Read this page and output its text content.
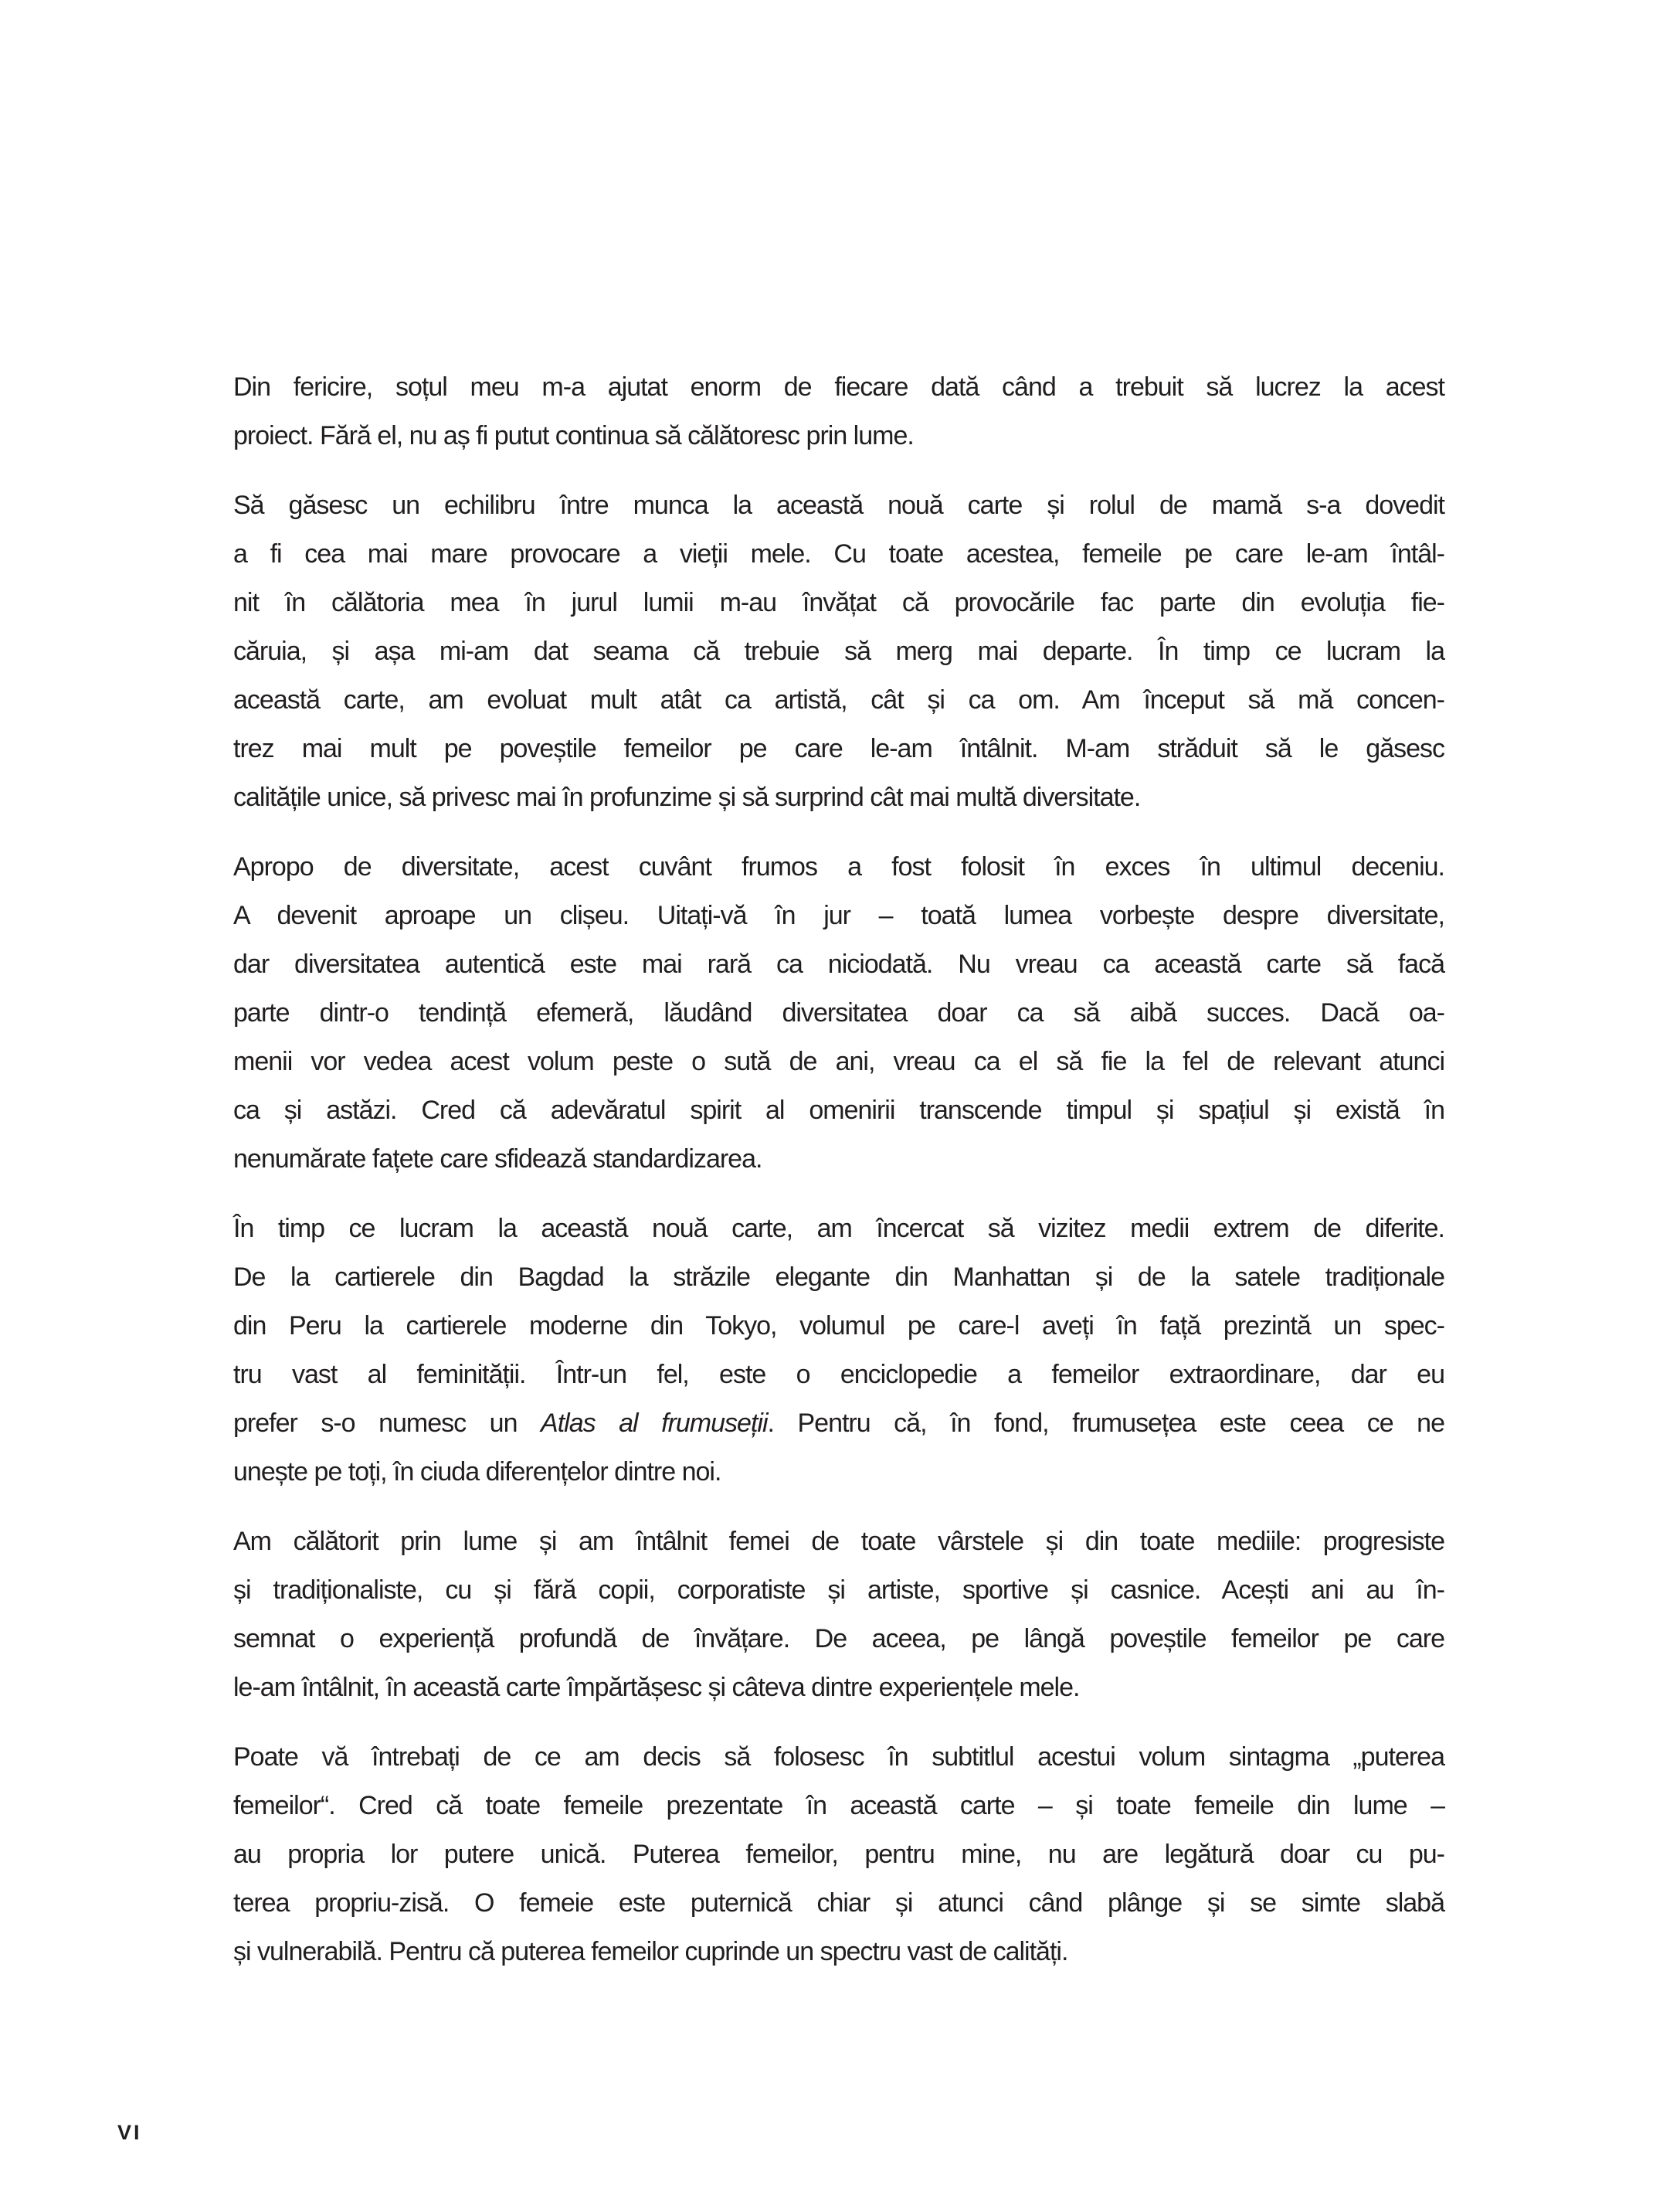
Din fericire, soțul meu m-a ajutat enorm de fiecare dată când a trebuit să lucrez la acest
proiect. Fără el, nu aș fi putut continua să călătoresc prin lume.
Să găsesc un echilibru între munca la această nouă carte și rolul de mamă s-a dovedit
a fi cea mai mare provocare a vieții mele. Cu toate acestea, femeile pe care le-am întâl-
nit în călătoria mea în jurul lumii m-au învățat că provocările fac parte din evoluția fie-
căruia, și așa mi-am dat seama că trebuie să merg mai departe. În timp ce lucram la
această carte, am evoluat mult atât ca artistă, cât și ca om. Am început să mă concen-
trez mai mult pe poveștile femeilor pe care le-am întâlnit. M-am străduit să le găsesc
calitățile unice, să privesc mai în profunzime și să surprind cât mai multă diversitate.
Apropo de diversitate, acest cuvânt frumos a fost folosit în exces în ultimul deceniu.
A devenit aproape un clișeu. Uitați-vă în jur – toată lumea vorbește despre diversitate,
dar diversitatea autentică este mai rară ca niciodată. Nu vreau ca această carte să facă
parte dintr-o tendință efemeră, lăudând diversitatea doar ca să aibă succes. Dacă oa-
menii vor vedea acest volum peste o sută de ani, vreau ca el să fie la fel de relevant atunci
ca și astăzi. Cred că adevăratul spirit al omenirii transcende timpul și spațiul și există în
nenumărate fațete care sfidează standardizarea.
În timp ce lucram la această nouă carte, am încercat să vizitez medii extrem de diferite.
De la cartierele din Bagdad la străzile elegante din Manhattan și de la satele tradiționale
din Peru la cartierele moderne din Tokyo, volumul pe care-l aveți în față prezintă un spec-
tru vast al feminității. Într-un fel, este o enciclopedie a femeilor extraordinare, dar eu
prefer s-o numesc un Atlas al frumuseții. Pentru că, în fond, frumusețea este ceea ce ne
unește pe toți, în ciuda diferențelor dintre noi.
Am călătorit prin lume și am întâlnit femei de toate vârstele și din toate mediile: progresiste
și tradiționaliste, cu și fără copii, corporatiste și artiste, sportive și casnice. Acești ani au în-
semnat o experiență profundă de învățare. De aceea, pe lângă poveștile femeilor pe care
le-am întâlnit, în această carte împărtășesc și câteva dintre experiențele mele.
Poate vă întrebați de ce am decis să folosesc în subtitlul acestui volum sintagma „puterea
femeilor“. Cred că toate femeile prezentate în această carte – și toate femeile din lume –
au propria lor putere unică. Puterea femeilor, pentru mine, nu are legătură doar cu pu-
terea propriu-zisă. O femeie este puternică chiar și atunci când plânge și se simte slabă
și vulnerabilă. Pentru că puterea femeilor cuprinde un spectru vast de calități.
VI
